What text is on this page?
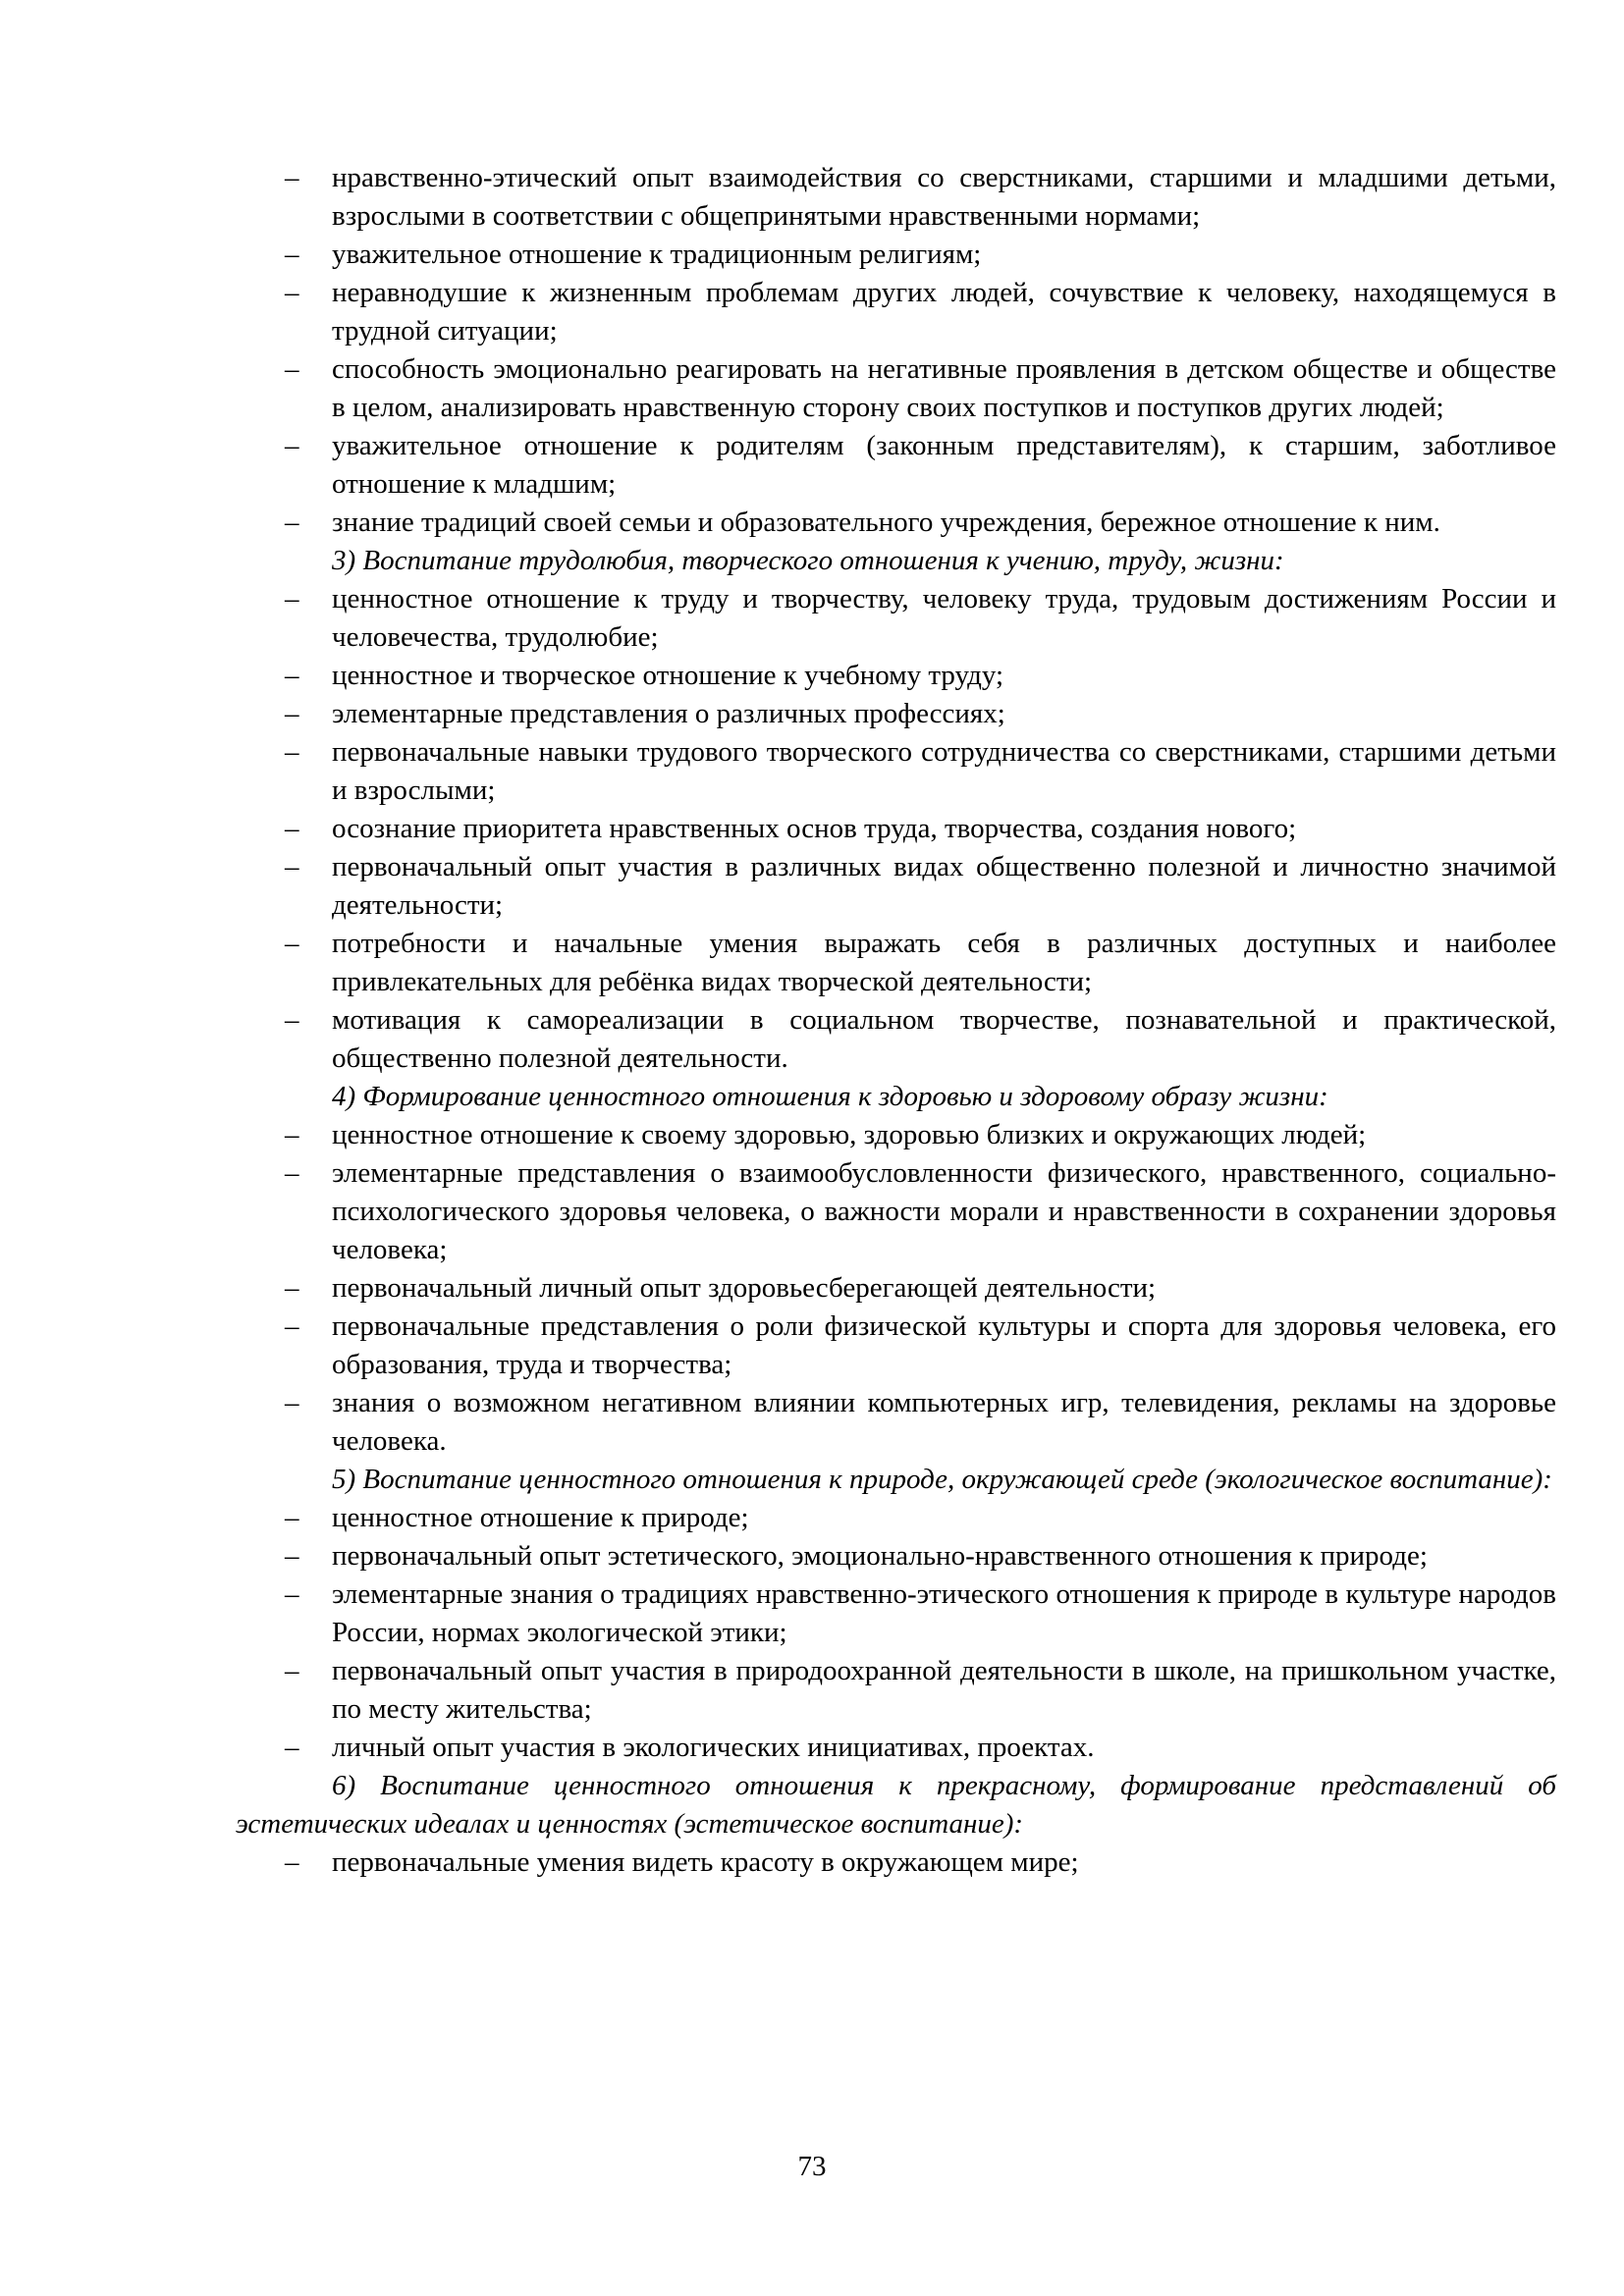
– нравственно-этический опыт взаимодействия со сверстниками, старшими и младшими детьми, взрослыми в соответствии с общепринятыми нравственными нормами;

– уважительное отношение к традиционным религиям;

– неравнодушие к жизненным проблемам других людей, сочувствие к человеку, находящемуся в трудной ситуации;

– способность эмоционально реагировать на негативные проявления в детском обществе и обществе в целом, анализировать нравственную сторону своих поступков и поступков других людей;

– уважительное отношение к родителям (законным представителям), к старшим, заботливое отношение к младшим;

– знание традиций своей семьи и образовательного учреждения, бережное отношение к ним.

3) Воспитание трудолюбия, творческого отношения к учению, труду, жизни:

– ценностное отношение к труду и творчеству, человеку труда, трудовым достижениям России и человечества, трудолюбие;

– ценностное и творческое отношение к учебному труду;

– элементарные представления о различных профессиях;

– первоначальные навыки трудового творческого сотрудничества со сверстниками, старшими детьми и взрослыми;

– осознание приоритета нравственных основ труда, творчества, создания нового;

– первоначальный опыт участия в различных видах общественно полезной и личностно значимой деятельности;

– потребности и начальные умения выражать себя в различных доступных и наиболее привлекательных для ребёнка видах творческой деятельности;

– мотивация к самореализации в социальном творчестве, познавательной и практической, общественно полезной деятельности.

4) Формирование ценностного отношения к здоровью и здоровому образу жизни:

– ценностное отношение к своему здоровью, здоровью близких и окружающих людей;

– элементарные представления о взаимообусловленности физического, нравственного, социально-психологического здоровья человека, о важности морали и нравственности в сохранении здоровья человека;

– первоначальный личный опыт здоровьесберегающей деятельности;

– первоначальные представления о роли физической культуры и спорта для здоровья человека, его образования, труда и творчества;

– знания о возможном негативном влиянии компьютерных игр, телевидения, рекламы на здоровье человека.

5) Воспитание ценностного отношения к природе, окружающей среде (экологическое воспитание):

– ценностное отношение к природе;

– первоначальный опыт эстетического, эмоционально-нравственного отношения к природе;

– элементарные знания о традициях нравственно-этического отношения к природе в культуре народов России, нормах экологической этики;

– первоначальный опыт участия в природоохранной деятельности в школе, на пришкольном участке, по месту жительства;

– личный опыт участия в экологических инициативах, проектах.

6) Воспитание ценностного отношения к прекрасному, формирование представлений об эстетических идеалах и ценностях (эстетическое воспитание):

– первоначальные умения видеть красоту в окружающем мире;

73
